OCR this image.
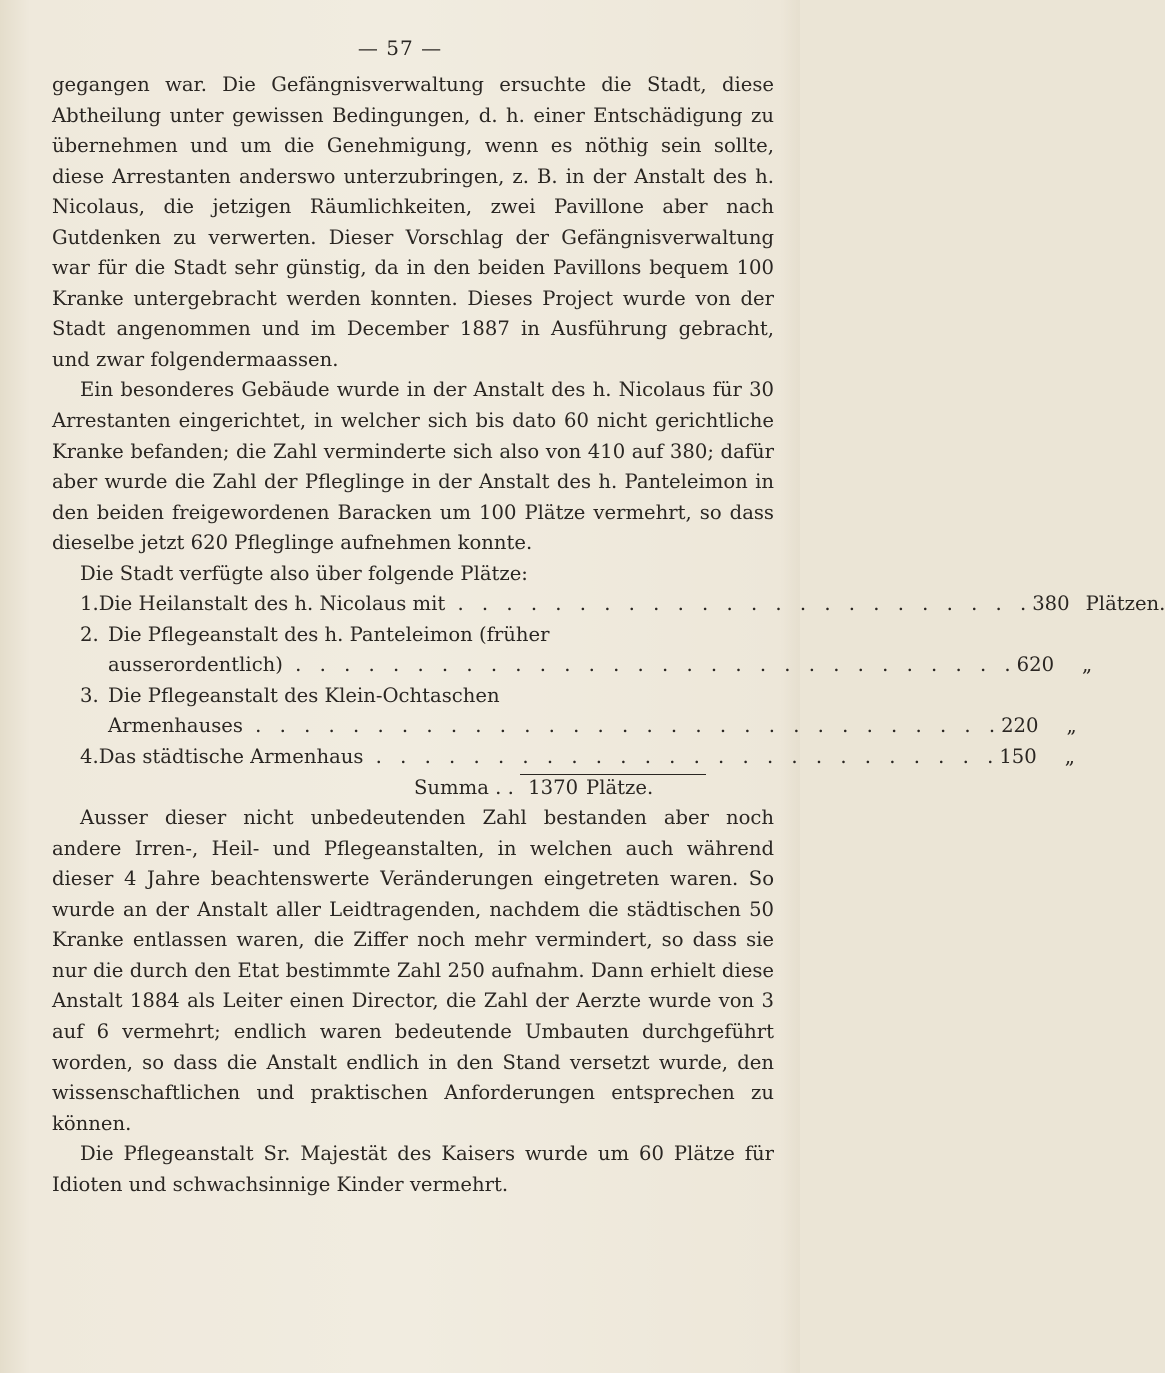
— 57 —

gegangen war. Die Gefängnisverwaltung ersuchte die Stadt, diese Abtheilung unter gewissen Bedingungen, d. h. einer Entschädigung zu übernehmen und um die Genehmigung, wenn es nöthig sein sollte, diese Arrestanten anderswo unterzubringen, z. B. in der Anstalt des h. Nicolaus, die jetzigen Räumlichkeiten, zwei Pavillone aber nach Gutdenken zu verwerten. Dieser Vorschlag der Gefängnisverwaltung war für die Stadt sehr günstig, da in den beiden Pavillons bequem 100 Kranke untergebracht werden konnten. Dieses Project wurde von der Stadt angenommen und im December 1887 in Ausführung gebracht, und zwar folgendermaassen.

Ein besonderes Gebäude wurde in der Anstalt des h. Nicolaus für 30 Arrestanten eingerichtet, in welcher sich bis dato 60 nicht gerichtliche Kranke befanden; die Zahl verminderte sich also von 410 auf 380; dafür aber wurde die Zahl der Pfleglinge in der Anstalt des h. Panteleimon in den beiden freigewordenen Baracken um 100 Plätze vermehrt, so dass dieselbe jetzt 620 Pfleglinge aufnehmen konnte.

Die Stadt verfügte also über folgende Plätze:

1. Die Heilanstalt des h. Nicolaus mit . . . . . . . . . . . . . . . . . . . . . . . . 380 Plätzen.
2. Die Pflegeanstalt des h. Panteleimon (früher
ausserordentlich) . . . . . . . . . . . . . . . . . . . . . . . . . . . . . . 620	„
3. Die Pflegeanstalt des Klein-Ochtaschen
Armenhauses . . . . . . . . . . . . . . . . . . . . . . . . . . . . . . . 220	„
4. Das städtische Armenhaus . . . . . . . . . . . . . . . . . . . . . . . . . . 150	„
Summa . . 1370 Plätze.

Ausser dieser nicht unbedeutenden Zahl bestanden aber noch andere Irren-, Heil- und Pflegeanstalten, in welchen auch während dieser 4 Jahre beachtenswerte Veränderungen eingetreten waren. So wurde an der Anstalt aller Leidtragenden, nachdem die städtischen 50 Kranke entlassen waren, die Ziffer noch mehr vermindert, so dass sie nur die durch den Etat bestimmte Zahl 250 aufnahm. Dann erhielt diese Anstalt 1884 als Leiter einen Director, die Zahl der Aerzte wurde von 3 auf 6 vermehrt; endlich waren bedeutende Umbauten durchgeführt worden, so dass die Anstalt endlich in den Stand versetzt wurde, den wissenschaftlichen und praktischen Anforderungen entsprechen zu können.

Die Pflegeanstalt Sr. Majestät des Kaisers wurde um 60 Plätze für Idioten und schwachsinnige Kinder vermehrt.
